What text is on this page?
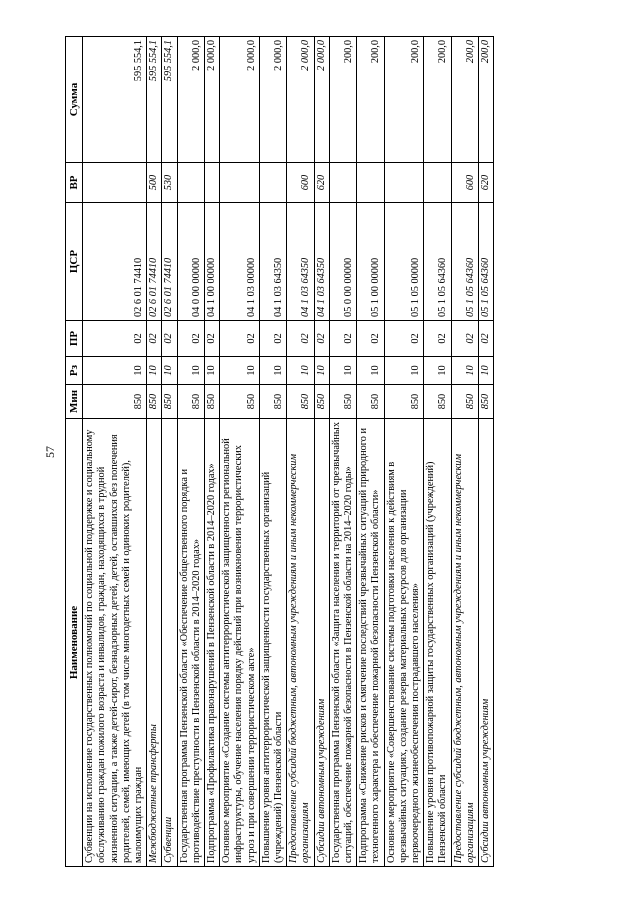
57
Наименование	Мин	Рз	ПР	ЦСР	ВР	Сумма
Субвенции на исполнение государственных полномочий по социальной поддержке и социальному обслуживанию граждан пожилого возраста и инвалидов, граждан, находящихся в трудной жизненной ситуации, а также детей-сирот, безнадзорных детей, детей, оставшихся без попечения родителей, семей, имеющих детей (в том числе многодетных семей и одиноких родителей), малоимущих граждан	850	10	02	02 6 01 74410		595 554,1
Межбюджетные трансферты	850	10	02	02 6 01 74410	500	595 554,1
Субвенции	850	10	02	02 6 01 74410	530	595 554,1
Государственная программа Пензенской области «Обеспечение общественного порядка и противодействие преступности в Пензенской области в 2014–2020 годах»	850	10	02	04 0 00 00000		2 000,0
Подпрограмма «Профилактика правонарушений в Пензенской области в 2014–2020 годах»	850	10	02	04 1 00 00000		2 000,0
Основное мероприятие «Создание системы антитеррористической защищенности региональной инфраструктуры, обучение населения порядку действий при возникновении террористических угроз и при совершении террористическом акте»	850	10	02	04 1 03 00000		2 000,0
Повышение уровня антитеррористической защищенности государственных организаций (учреждений) Пензенской области	850	10	02	04 1 03 64350		2 000,0
Предоставление субсидий бюджетным, автономным учреждениям и иным некоммерческим организациям	850	10	02	04 1 03 64350	600	2 000,0
Субсидии автономным учреждениям	850	10	02	04 1 03 64350	620	2 000,0
Государственная программа Пензенской области «Защита населения и территорий от чрезвычайных ситуаций, обеспечение пожарной безопасности в Пензенской области на 2014–2020 годы»	850	10	02	05 0 00 00000		200,0
Подпрограмма «Снижение рисков и смягчение последствий чрезвычайных ситуаций природного и техногенного характера и обеспечение пожарной безопасности Пензенской области»	850	10	02	05 1 00 00000		200,0
Основное мероприятие «Совершенствование системы подготовки населения к действиям в чрезвычайных ситуациях, создание резерва материальных ресурсов для организации первоочередного жизнеобеспечения пострадавшего населения»	850	10	02	05 1 05 00000		200,0
Повышение уровня противопожарной защиты государственных организаций (учреждений) Пензенской области	850	10	02	05 1 05 64360		200,0
Предоставление субсидий бюджетным, автономным учреждениям и иным некоммерческим организациям	850	10	02	05 1 05 64360	600	200,0
Субсидии автономным учреждениям	850	10	02	05 1 05 64360	620	200,0
